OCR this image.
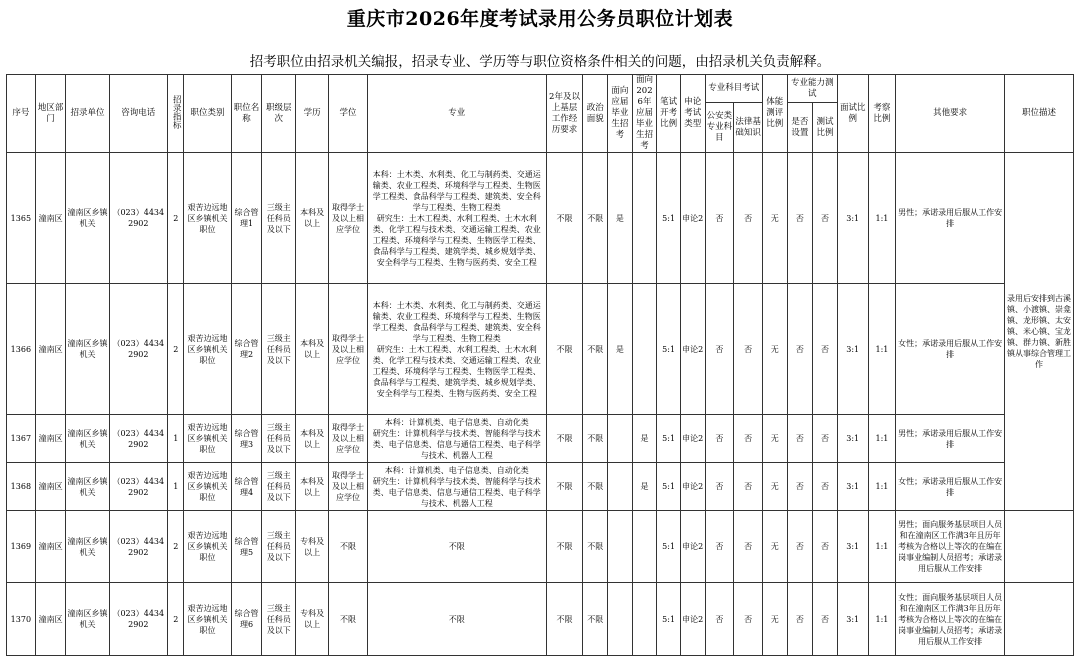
重庆市2026年度考试录用公务员职位计划表
招考职位由招录机关编报，招录专业、学历等与职位资格条件相关的问题，由招录机关负责解释。
序号	地区部门	招录单位	咨询电话	招录指标	职位类别	职位名称	职级层次	学历	学位	专业	2年及以上基层工作经历要求	政治面貌	面向应届毕业生招考	面向2026年应届毕业生招考	笔试开考比例	申论考试类型	专业科目考试		体能测评比例	专业能力测试		面试比例	考察比例	其他要求	职位描述
																	公安类专业科目	法律基础知识		是否设置	测试比例				
1365	潼南区	潼南区乡镇机关	（023）44342902	2	艰苦边远地区乡镇机关职位	综合管理1	三级主任科员及以下	本科及以上	取得学士及以上相应学位	本科：土木类、水利类、化工与制药类、交通运输类、农业工程类、环境科学与工程类、生物医学工程类、食品科学与工程类、建筑类、安全科学与工程类、生物工程类
研究生：土木工程类、水利工程类、土木水利类、化学工程与技术类、交通运输工程类、农业工程类、环境科学与工程类、生物医学工程类、食品科学与工程类、建筑学类、城乡规划学类、安全科学与工程类、生物与医药类、安全工程	不限	不限	是		5:1	申论2	否	否	无	否	否	3:1	1:1	男性；承诺录用后服从工作安排	录用后安排到古溪镇、小渡镇、崇龛镇、龙形镇、太安镇、米心镇、宝龙镇、群力镇、新胜镇从事综合管理工作
1366	潼南区	潼南区乡镇机关	（023）44342902	2	艰苦边远地区乡镇机关职位	综合管理2	三级主任科员及以下	本科及以上	取得学士及以上相应学位	本科：土木类、水利类、化工与制药类、交通运输类、农业工程类、环境科学与工程类、生物医学工程类、食品科学与工程类、建筑类、安全科学与工程类、生物工程类
研究生：土木工程类、水利工程类、土木水利类、化学工程与技术类、交通运输工程类、农业工程类、环境科学与工程类、生物医学工程类、食品科学与工程类、建筑学类、城乡规划学类、安全科学与工程类、生物与医药类、安全工程	不限	不限	是		5:1	申论2	否	否	无	否	否	3:1	1:1	女性；承诺录用后服从工作安排	
1367	潼南区	潼南区乡镇机关	（023）44342902	1	艰苦边远地区乡镇机关职位	综合管理3	三级主任科员及以下	本科及以上	取得学士及以上相应学位	本科：计算机类、电子信息类、自动化类
研究生：计算机科学与技术类、智能科学与技术类、电子信息类、信息与通信工程类、电子科学与技术、机器人工程	不限	不限		是	5:1	申论2	否	否	无	否	否	3:1	1:1	男性；承诺录用后服从工作安排	
1368	潼南区	潼南区乡镇机关	（023）44342902	1	艰苦边远地区乡镇机关职位	综合管理4	三级主任科员及以下	本科及以上	取得学士及以上相应学位	本科：计算机类、电子信息类、自动化类
研究生：计算机科学与技术类、智能科学与技术类、电子信息类、信息与通信工程类、电子科学与技术、机器人工程	不限	不限		是	5:1	申论2	否	否	无	否	否	3:1	1:1	女性；承诺录用后服从工作安排	
1369	潼南区	潼南区乡镇机关	（023）44342902	2	艰苦边远地区乡镇机关职位	综合管理5	三级主任科员及以下	专科及以上	不限	不限	不限	不限			5:1	申论2	否	否	无	否	否	3:1	1:1	男性；面向服务基层项目人员和在潼南区工作满3年且历年考核为合格以上等次的在编在岗事业编制人员招考；承诺录用后服从工作安排	
1370	潼南区	潼南区乡镇机关	（023）44342902	2	艰苦边远地区乡镇机关职位	综合管理6	三级主任科员及以下	专科及以上	不限	不限	不限	不限			5:1	申论2	否	否	无	否	否	3:1	1:1	女性；面向服务基层项目人员和在潼南区工作满3年且历年考核为合格以上等次的在编在岗事业编制人员招考；承诺录用后服从工作安排	
